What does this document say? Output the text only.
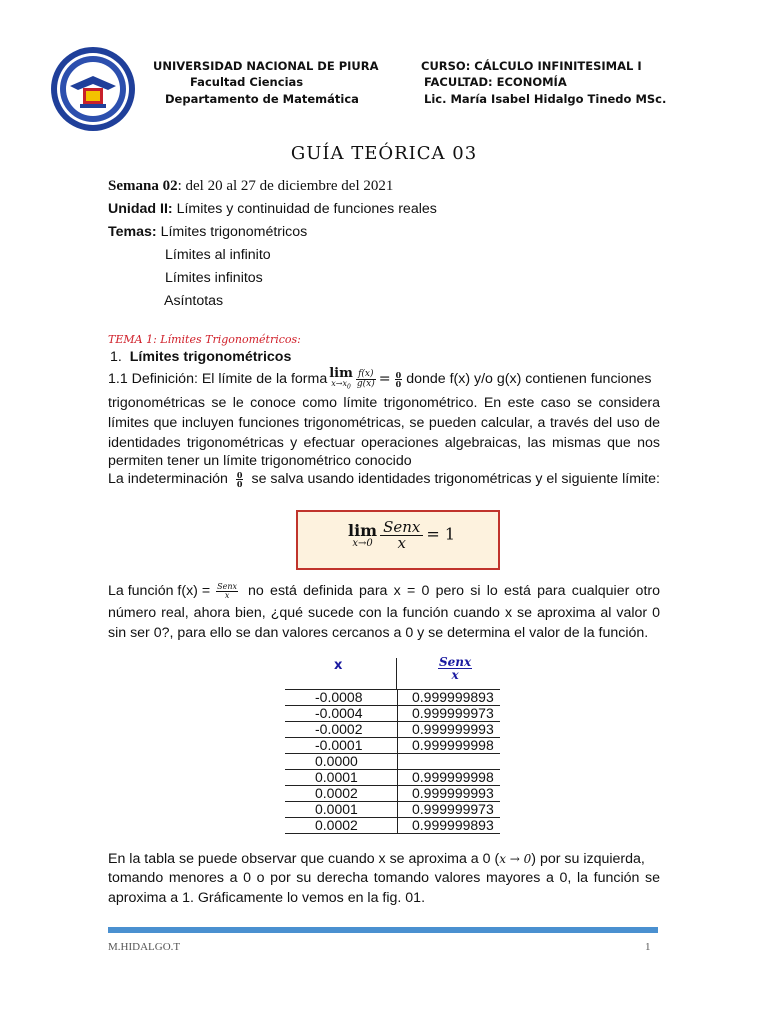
UNIVERSIDAD NACIONAL DE PIURA
Facultad Ciencias
Departamento de Matemática
CURSO: CÁLCULO INFINITESIMAL I
FACULTAD: ECONOMÍA
Lic. María Isabel Hidalgo Tinedo MSc.
GUÍA TEÓRICA 03
Semana 02: del 20 al 27 de diciembre del 2021
Unidad II: Límites y continuidad de funciones reales
Temas: Límites trigonométricos
Límites al infinito
Límites infinitos
Asíntotas
TEMA 1: Límites Trigonométricos:
1. Límites trigonométricos
1.1 Definición: El límite de la forma lim
$x\to x_0 \frac{f(x)}{g(x)} = \frac{0}{0}$ donde f(x) y/o g(x) contienen funciones
trigonométricas se le conoce como límite trigonométrico. En este caso se considera
límites que incluyen funciones trigonométricas, se pueden calcular, a través del uso de
identidades trigonométricas y efectuar operaciones algebraicas, las mismas que nos
permiten tener un límite trigonométrico conocido
La indeterminación $\frac{0}{0}$ se salva usando identidades trigonométricas y el siguiente límite:
lim
$x\to 0 \frac{\text{Senx}}{x} = 1$
La función $f(x) = \frac{\text{Senx}}{x}$ no está definida para x = 0 pero si lo está para cualquier otro
número real, ahora bien, ¿qué sucede con la función cuando x se aproxima al valor 0
sin ser 0?, para ello se dan valores cercanos a 0 y se determina el valor de la función.
x	Senx
x
-0.0008	0.999999893
-0.0004	0.999999973
-0.0002	0.999999993
-0.0001	0.999999998
0.0000	
0.0001	0.999999998
0.0002	0.999999993
0.0001	0.999999973
0.0002	0.999999893
En la tabla se puede observar que cuando x se aproxima a 0 (x → 0) por su izquierda,
tomando menores a 0 o por su derecha tomando valores mayores a 0, la función se
aproxima a 1. Gráficamente lo vemos en la fig. 01.
M.HIDALGO.T	1
